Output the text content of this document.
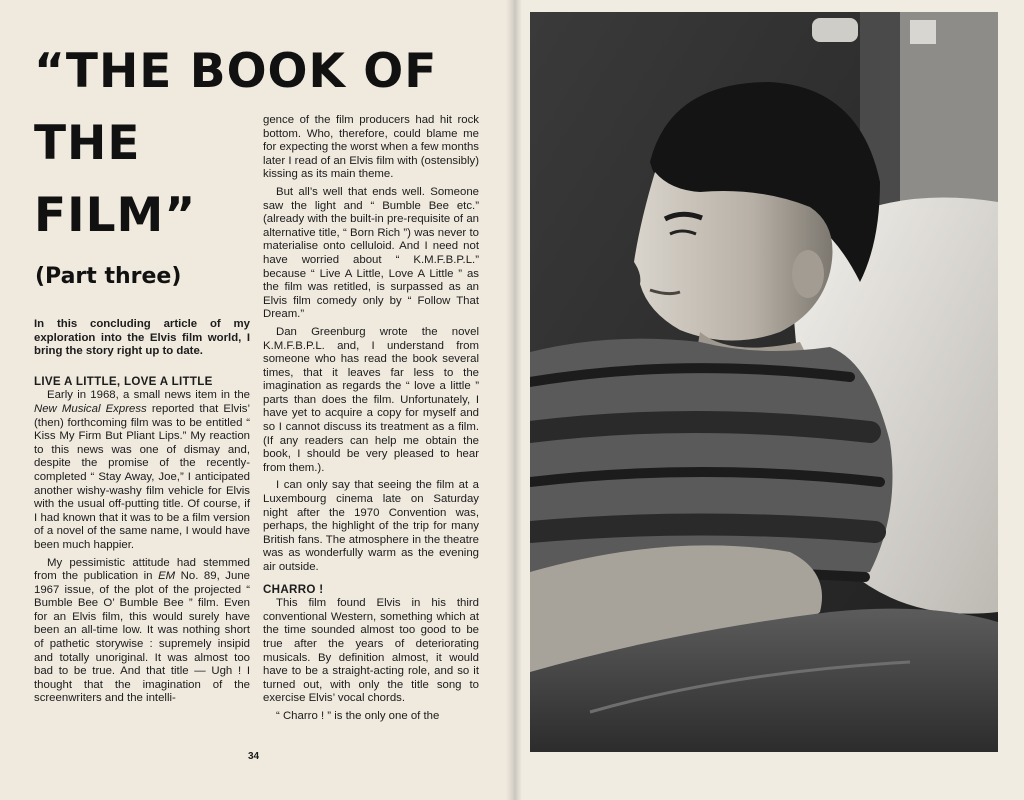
“THE BOOK OF
THE
FILM”
(Part three)

In this concluding article of my exploration into the Elvis film world, I bring the story right up to date.

LIVE A LITTLE, LOVE A LITTLE

Early in 1968, a small news item in the New Musical Express reported that Elvis’ (then) forthcoming film was to be entitled “ Kiss My Firm But Pliant Lips.” My reaction to this news was one of dismay and, despite the promise of the recently-completed “ Stay Away, Joe,” I anticipated another wishy-washy film vehicle for Elvis with the usual off-putting title. Of course, if I had known that it was to be a film version of a novel of the same name, I would have been much happier.

My pessimistic attitude had stemmed from the publication in EM No. 89, June 1967 issue, of the plot of the projected “ Bumble Bee O’ Bumble Bee ” film. Even for an Elvis film, this would surely have been an all-time low. It was nothing short of pathetic storywise : supremely insipid and totally unoriginal. It was almost too bad to be true. And that title — Ugh ! I thought that the imagination of the screenwriters and the intelli-

gence of the film producers had hit rock bottom. Who, therefore, could blame me for expecting the worst when a few months later I read of an Elvis film with (ostensibly) kissing as its main theme.

But all’s well that ends well. Someone saw the light and “ Bumble Bee etc.” (already with the built-in pre-requisite of an alternative title, “ Born Rich ”) was never to materialise onto celluloid. And I need not have worried about “ K.M.F.B.P.L.” because “ Live A Little, Love A Little ” as the film was retitled, is surpassed as an Elvis film comedy only by “ Follow That Dream.”

Dan Greenburg wrote the novel K.M.F.B.P.L. and, I understand from someone who has read the book several times, that it leaves far less to the imagination as regards the “ love a little ” parts than does the film. Unfortunately, I have yet to acquire a copy for myself and so I cannot discuss its treatment as a film. (If any readers can help me obtain the book, I should be very pleased to hear from them.).

I can only say that seeing the film at a Luxembourg cinema late on Saturday night after the 1970 Convention was, perhaps, the highlight of the trip for many British fans. The atmosphere in the theatre was as wonderfully warm as the evening air outside.

CHARRO !

This film found Elvis in his third conventional Western, something which at the time sounded almost too good to be true after the years of deteriorating musicals. By definition almost, it would have to be a straight-acting role, and so it turned out, with only the title song to exercise Elvis’ vocal chords.

“ Charro ! ” is the only one of the

34
